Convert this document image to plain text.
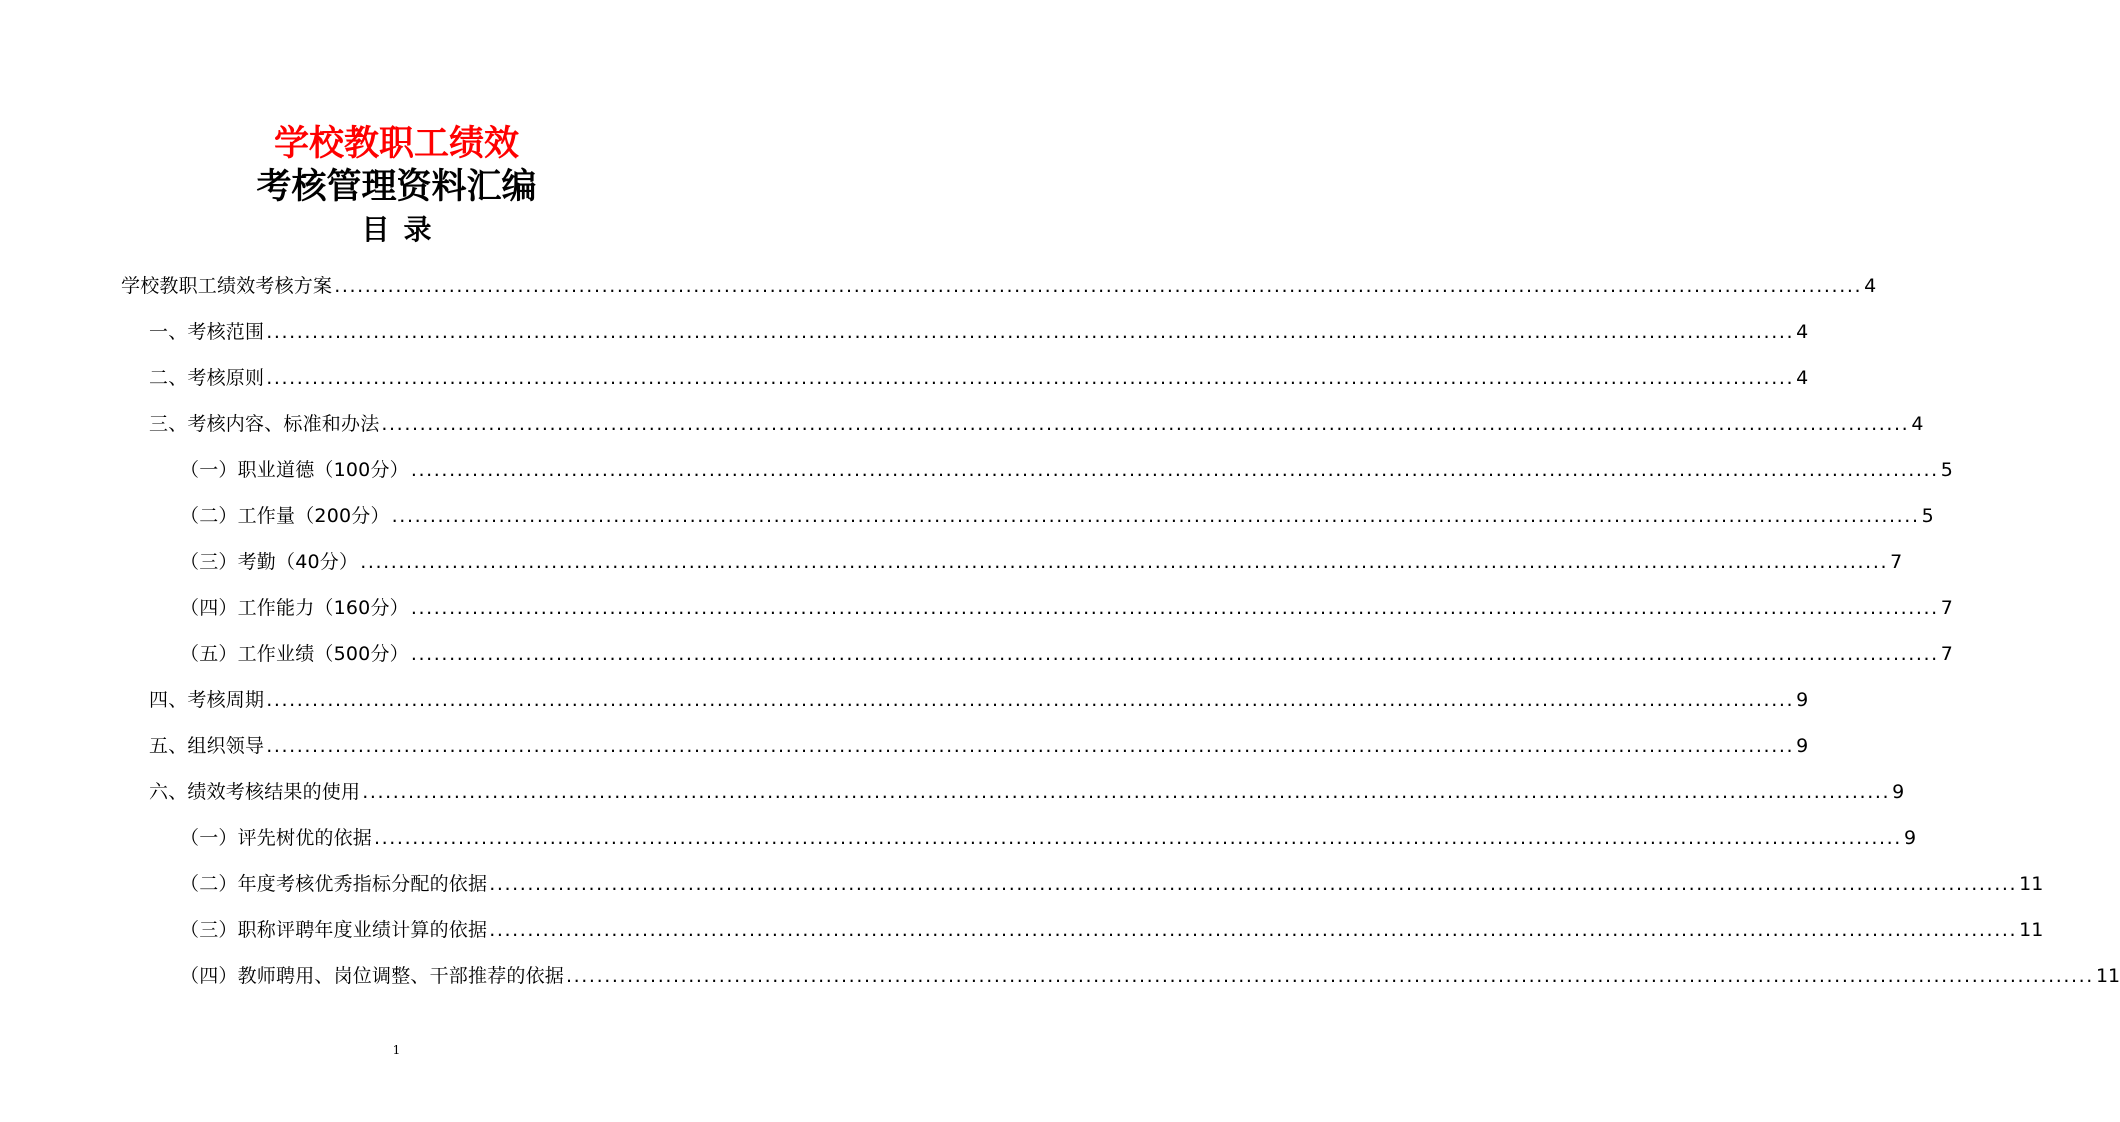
学校教职工绩效
考核管理资料汇编
目录
学校教职工绩效考核方案 ........................................................................................................................................................................................................ 4
一、考核范围 ........................................................................................................................................................................................................ 4
二、考核原则 ........................................................................................................................................................................................................ 4
三、考核内容、标准和办法 ........................................................................................................................................................................................................ 4
（一）职业道德（100分） ........................................................................................................................................................................................................ 5
（二）工作量（200分） ........................................................................................................................................................................................................ 5
（三）考勤（40分） ........................................................................................................................................................................................................ 7
（四）工作能力（160分） ........................................................................................................................................................................................................ 7
（五）工作业绩（500分） ........................................................................................................................................................................................................ 7
四、考核周期 ........................................................................................................................................................................................................ 9
五、组织领导 ........................................................................................................................................................................................................ 9
六、绩效考核结果的使用 ........................................................................................................................................................................................................ 9
（一）评先树优的依据 ........................................................................................................................................................................................................ 9
（二）年度考核优秀指标分配的依据 ........................................................................................................................................................................................................ 11
（三）职称评聘年度业绩计算的依据 ........................................................................................................................................................................................................ 11
（四）教师聘用、岗位调整、干部推荐的依据 ........................................................................................................................................................................................................ 11
1
